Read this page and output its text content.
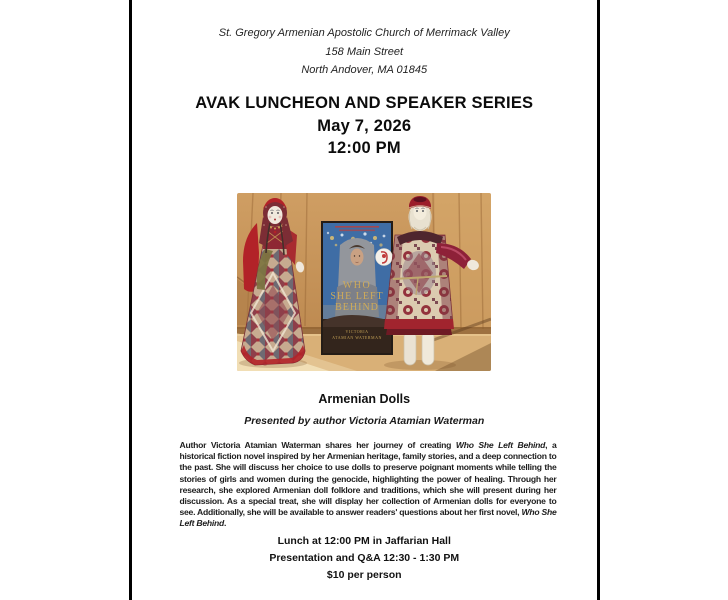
St. Gregory Armenian Apostolic Church of Merrimack Valley
158 Main Street
North Andover, MA 01845
AVAK LUNCHEON AND SPEAKER SERIES
May 7, 2026
12:00 PM
WHO
SHE LEFT
BEHIND
VICTORIA
ATAMIAN WATERMAN
Armenian Dolls
Presented by author Victoria Atamian Waterman
Author Victoria Atamian Waterman shares her journey of creating Who She Left Behind, a historical fiction novel inspired by her Armenian heritage, family stories, and a deep connection to the past. She will discuss her choice to use dolls to preserve poignant moments while telling the stories of girls and women during the genocide, highlighting the power of healing. Through her research, she explored Armenian doll folklore and traditions, which she will present during her discussion. As a special treat, she will display her collection of Armenian dolls for everyone to see. Additionally, she will be available to answer readers' questions about her first novel, Who She Left Behind.
Lunch at 12:00 PM in Jaffarian Hall
Presentation and Q&A 12:30 - 1:30 PM
$10 per person
